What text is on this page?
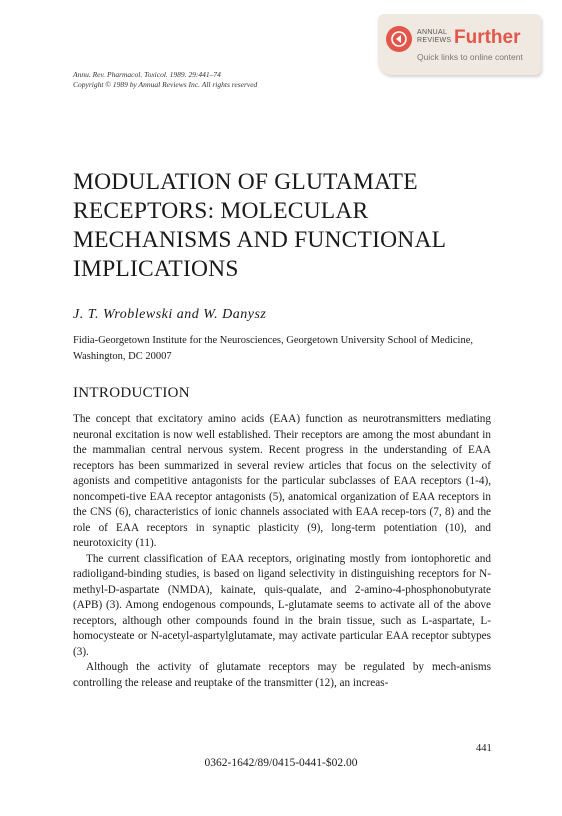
ANNUAL
REVIEWS Further
Quick links to online content
Annu. Rev. Pharmacol. Toxicol. 1989. 29:441–74
Copyright © 1989 by Annual Reviews Inc. All rights reserved
MODULATION OF GLUTAMATE RECEPTORS: MOLECULAR MECHANISMS AND FUNCTIONAL IMPLICATIONS
J. T. Wroblewski and W. Danysz
Fidia-Georgetown Institute for the Neurosciences, Georgetown University School of Medicine, Washington, DC 20007
INTRODUCTION

The concept that excitatory amino acids (EAA) function as neurotransmitters mediating neuronal excitation is now well established. Their receptors are among the most abundant in the mammalian central nervous system. Recent progress in the understanding of EAA receptors has been summarized in several review articles that focus on the selectivity of agonists and competitive antagonists for the particular subclasses of EAA receptors (1-4), noncompeti-tive EAA receptor antagonists (5), anatomical organization of EAA receptors in the CNS (6), characteristics of ionic channels associated with EAA recep-tors (7, 8) and the role of EAA receptors in synaptic plasticity (9), long-term potentiation (10), and neurotoxicity (11).

The current classification of EAA receptors, originating mostly from iontophoretic and radioligand-binding studies, is based on ligand selectivity in distinguishing receptors for N-methyl-D-aspartate (NMDA), kainate, quis-qualate, and 2-amino-4-phosphonobutyrate (APB) (3). Among endogenous compounds, L-glutamate seems to activate all of the above receptors, although other compounds found in the brain tissue, such as L-aspartate, L-homocysteate or N-acetyl-aspartylglutamate, may activate particular EAA receptor subtypes (3).

Although the activity of glutamate receptors may be regulated by mech-anisms controlling the release and reuptake of the transmitter (12), an increas-

441
0362-1642/89/0415-0441-$02.00
